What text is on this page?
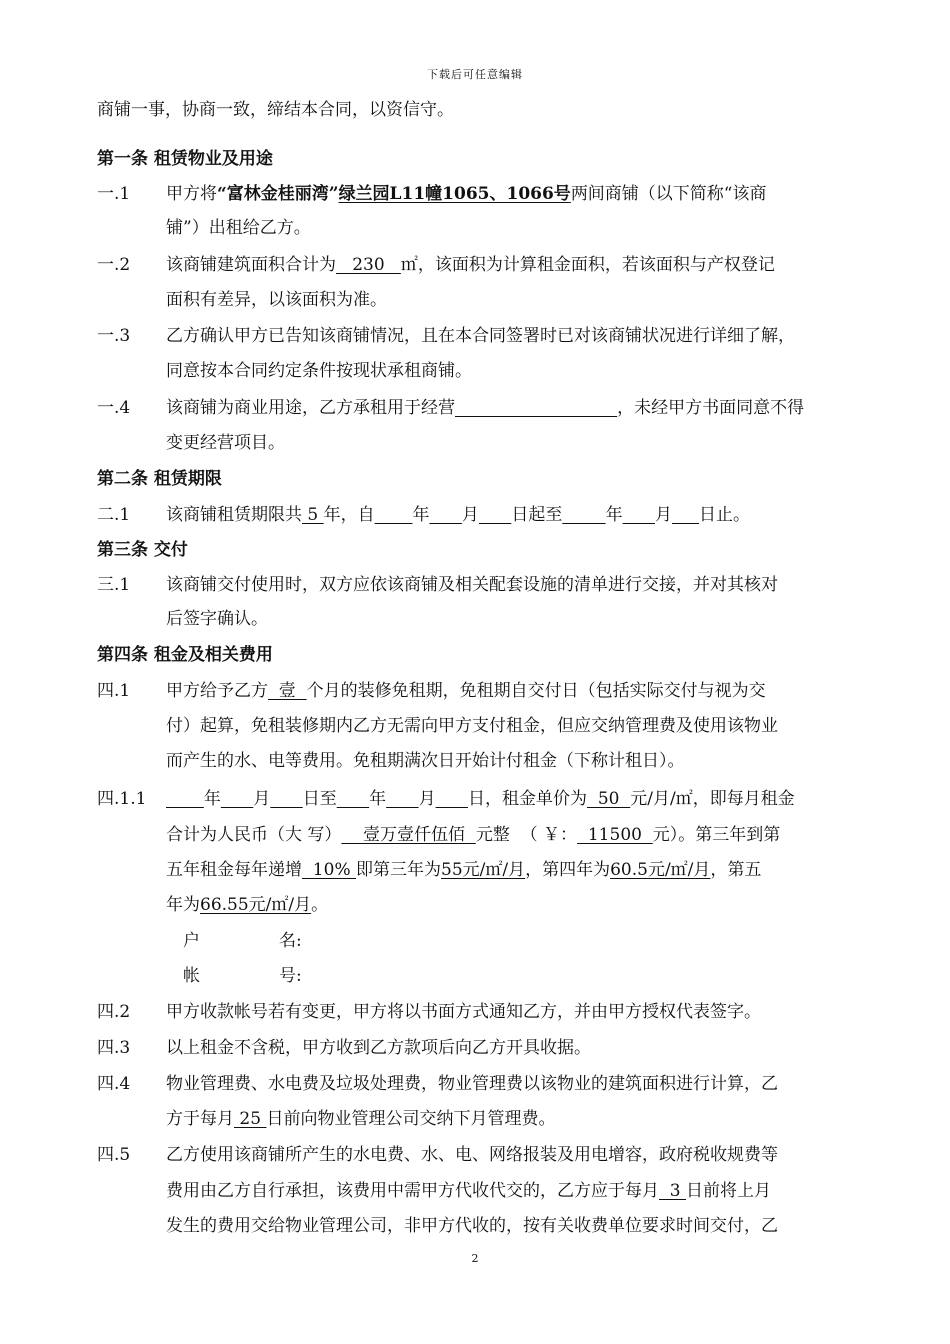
下载后可任意编辑
商铺一事，协商一致，缔结本合同，以资信守。
第一条 租赁物业及用途
一.1 甲方将“富林金桂丽湾”绿兰园L11幢1065、1066号两间商铺（以下简称“该商
铺”）出租给乙方。
一.2 该商铺建筑面积合计为   230   ㎡，该面积为计算租金面积，若该面积与产权登记
面积有差异，以该面积为准。
一.3 乙方确认甲方已告知该商铺情况，且在本合同签署时已对该商铺状况进行详细了解，
同意按本合同约定条件按现状承租商铺。
一.4 该商铺为商业用途，乙方承租用于经营	，未经甲方书面同意不得
变更经营项目。
第二条 租赁期限
二.1 该商铺租赁期限共 5 年，自 年 月 日起至	年 月 日止。
第三条 交付
三.1 该商铺交付使用时，双方应依该商铺及相关配套设施的清单进行交接，并对其核对
后签字确认。
第四条 租金及相关费用
四.1 甲方给予乙方  壹  个月的装修免租期，免租期自交付日（包括实际交付与视为交
付）起算，免租装修期内乙方无需向甲方支付租金，但应交纳管理费及使用该物业
而产生的水、电等费用。免租期满次日开始计付租金（下称计租日）。
四.1.1	年 月 日至 年 月 日，租金单价为  50  元/月/㎡，即每月租金
合计为人民币（大 写）    壹万壹仟伍佰  元整  （ ￥：  11500  元）。第三年到第
五年租金每年递增  10% 即第三年为55元/㎡/月，第四年为60.5元/㎡/月，第五
年为66.55元/㎡/月。
户	名:
帐	号:
四.2 甲方收款帐号若有变更，甲方将以书面方式通知乙方，并由甲方授权代表签字。
四.3 以上租金不含税，甲方收到乙方款项后向乙方开具收据。
四.4 物业管理费、水电费及垃圾处理费，物业管理费以该物业的建筑面积进行计算，乙
方于每月 25 日前向物业管理公司交纳下月管理费。
四.5 乙方使用该商铺所产生的水电费、水、电、网络报装及用电增容，政府税收规费等
费用由乙方自行承担，该费用中需甲方代收代交的，乙方应于每月  3 日前将上月
发生的费用交给物业管理公司，非甲方代收的，按有关收费单位要求时间交付，乙
2
